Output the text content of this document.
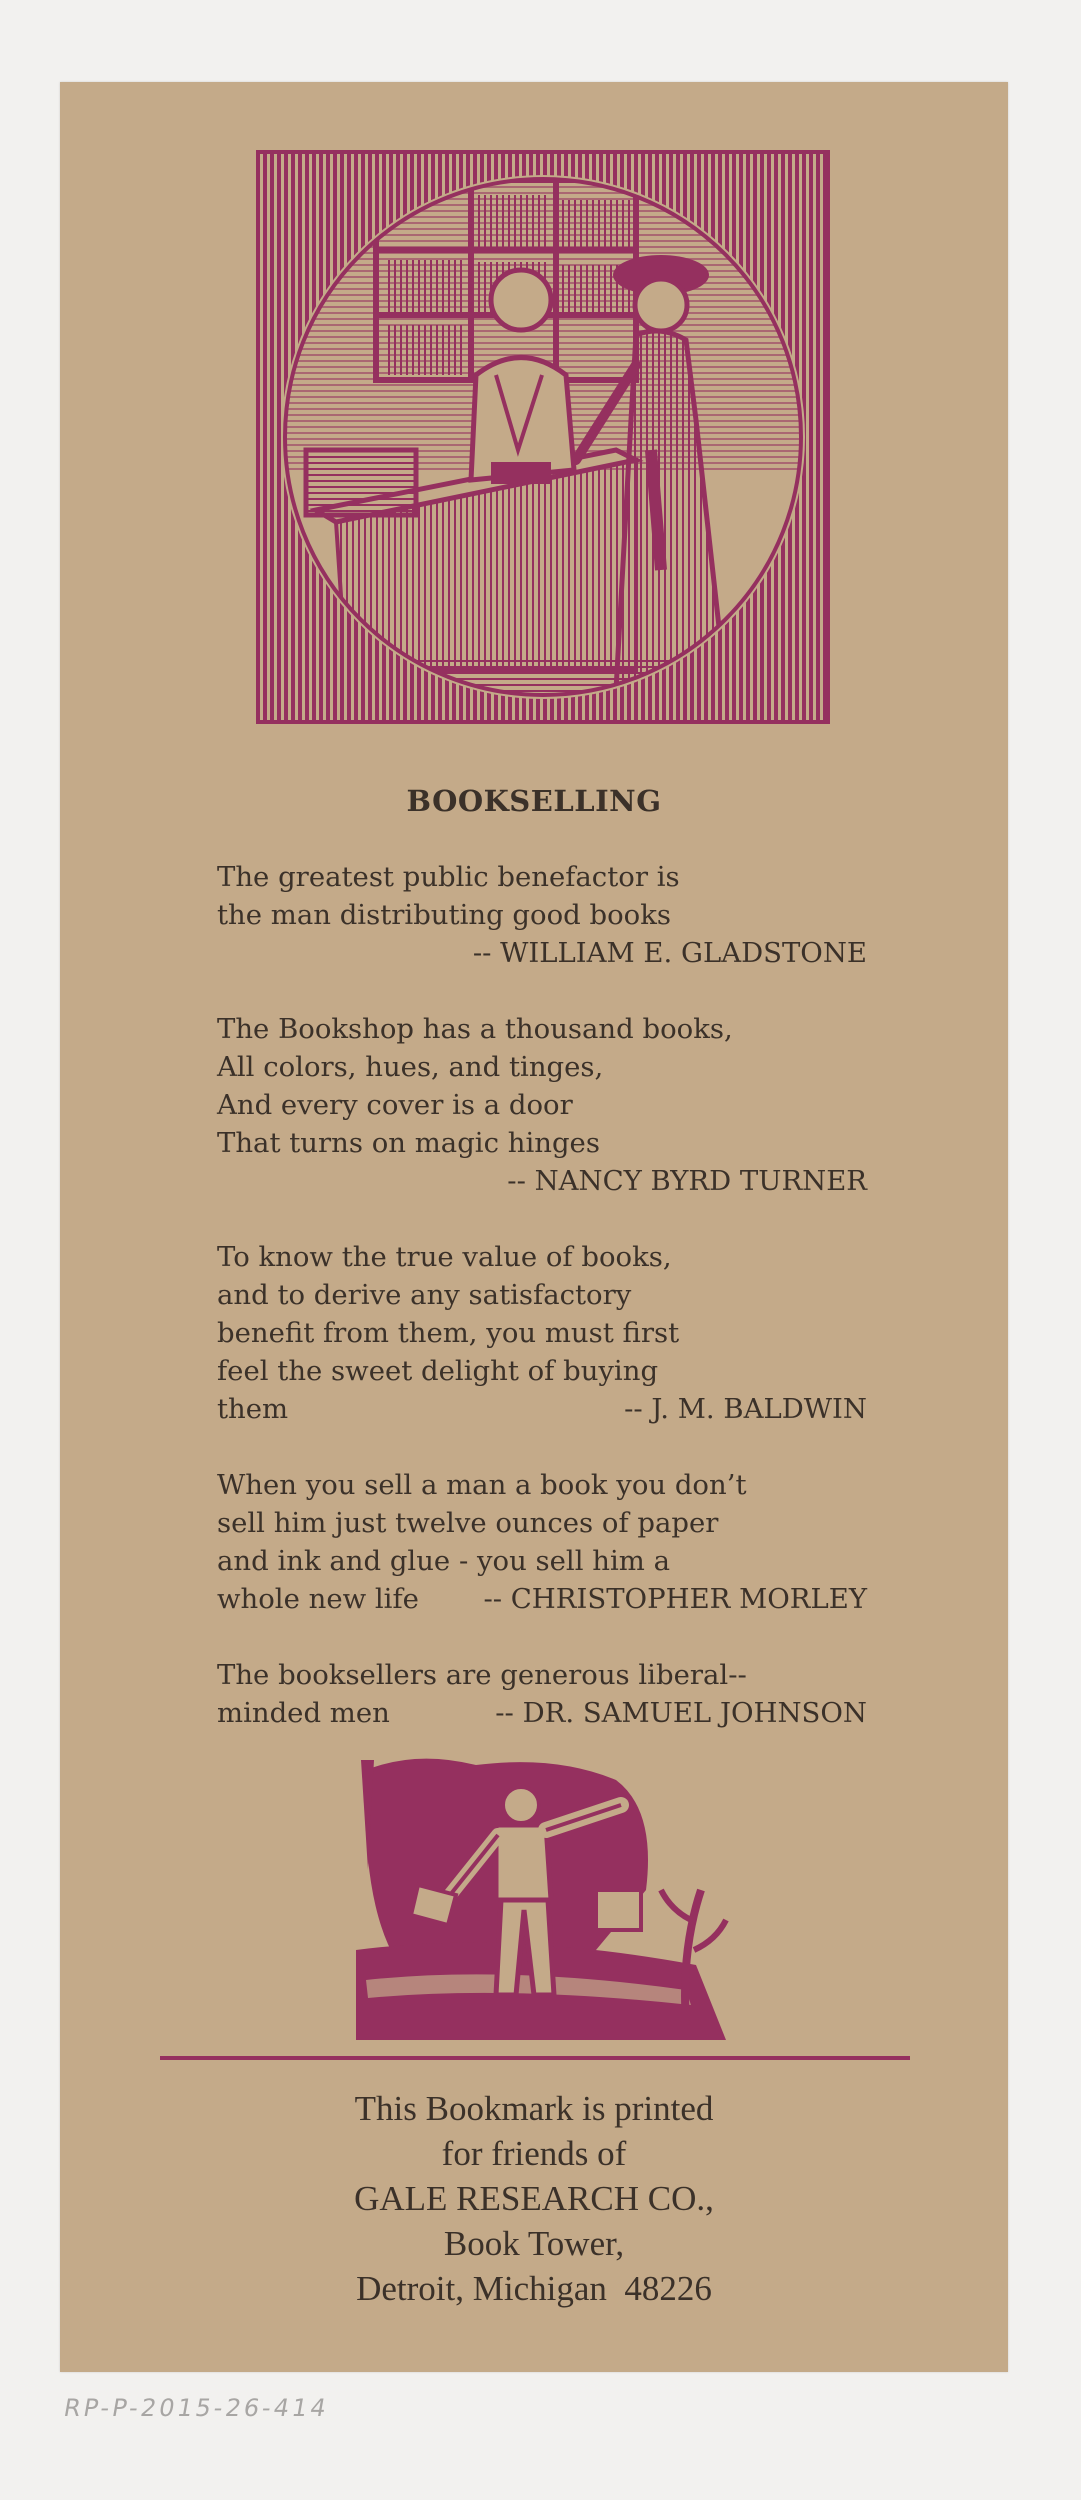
BOOKSELLING
The greatest public benefactor is
the man distributing good books
-- WILLIAM E. GLADSTONE
The Bookshop has a thousand books,
All colors, hues, and tinges,
And every cover is a door
That turns on magic hinges
-- NANCY BYRD TURNER
To know the true value of books,
and to derive any satisfactory
benefit from them, you must first
feel the sweet delight of buying
them	-- J. M. BALDWIN
When you sell a man a book you don’t
sell him just twelve ounces of paper
and ink and glue - you sell him a
whole new life -- CHRISTOPHER MORLEY
The booksellers are generous liberal--
minded men	-- DR. SAMUEL JOHNSON
This Bookmark is printed
for friends of
GALE RESEARCH CO.,
Book Tower,
Detroit, Michigan  48226
RP-P-2015-26-414
